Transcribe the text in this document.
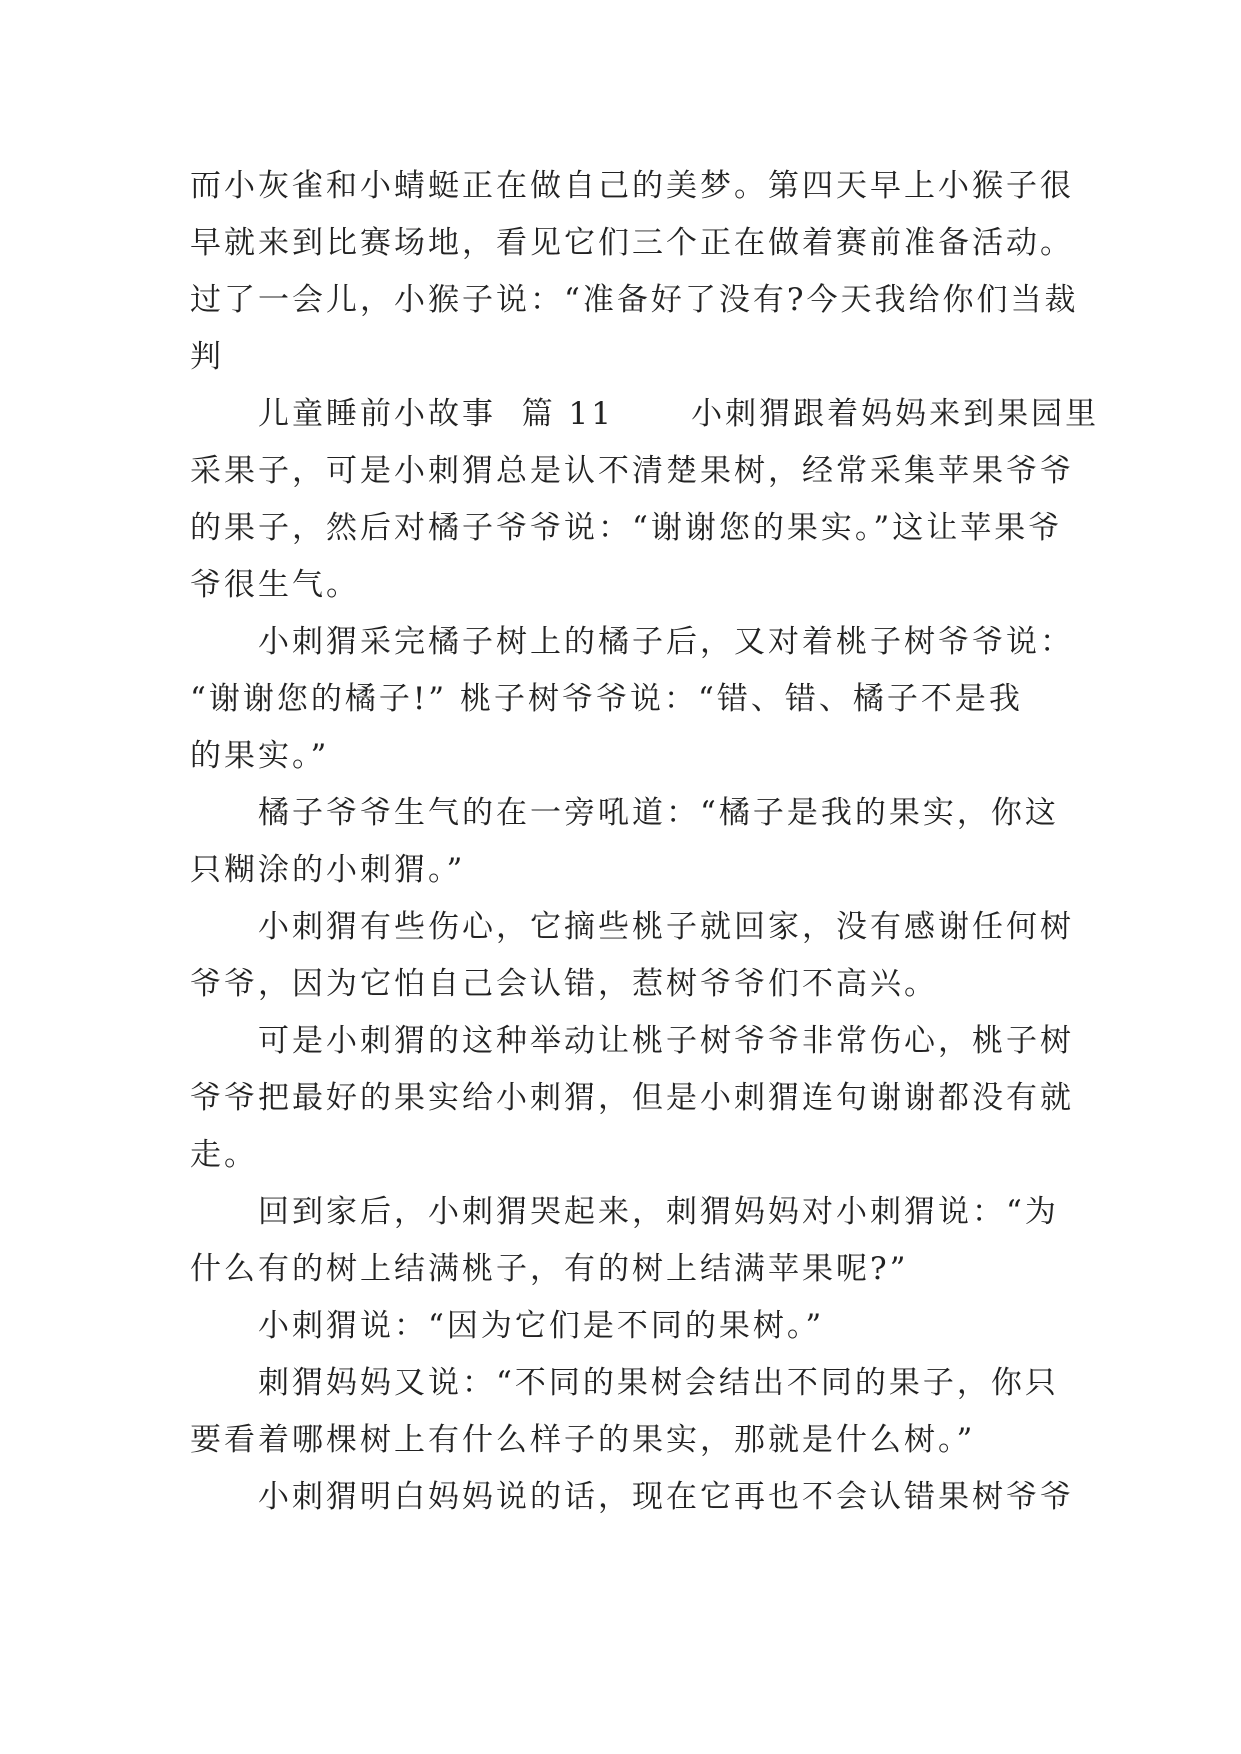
而小灰雀和小蜻蜓正在做自己的美梦。第四天早上小猴子很
早就来到比赛场地，看见它们三个正在做着赛前准备活动。
过了一会儿，小猴子说：“准备好了没有?今天我给你们当裁
判
儿童睡前小故事  篇 11      小刺猬跟着妈妈来到果园里
采果子，可是小刺猬总是认不清楚果树，经常采集苹果爷爷
的果子，然后对橘子爷爷说：“谢谢您的果实。”这让苹果爷
爷很生气。
小刺猬采完橘子树上的橘子后，又对着桃子树爷爷说：
“谢谢您的橘子!” 桃子树爷爷说：“错、错、橘子不是我
的果实。”
橘子爷爷生气的在一旁吼道：“橘子是我的果实，你这
只糊涂的小刺猬。”
小刺猬有些伤心，它摘些桃子就回家，没有感谢任何树
爷爷，因为它怕自己会认错，惹树爷爷们不高兴。
可是小刺猬的这种举动让桃子树爷爷非常伤心，桃子树
爷爷把最好的果实给小刺猬，但是小刺猬连句谢谢都没有就
走。
回到家后，小刺猬哭起来，刺猬妈妈对小刺猬说：“为
什么有的树上结满桃子，有的树上结满苹果呢?”
小刺猬说：“因为它们是不同的果树。”
刺猬妈妈又说：“不同的果树会结出不同的果子，你只
要看着哪棵树上有什么样子的果实，那就是什么树。”
小刺猬明白妈妈说的话，现在它再也不会认错果树爷爷
